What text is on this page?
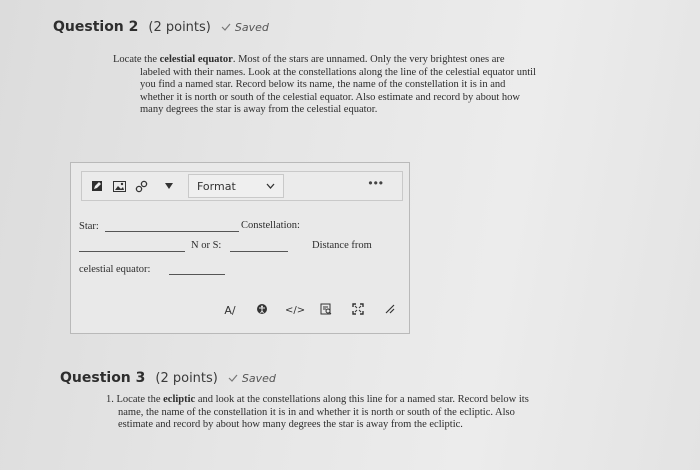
Question 2 (2 points) Saved
Locate the celestial equator. Most of the stars are unnamed. Only the very brightest ones are
labeled with their names. Look at the constellations along the line of the celestial equator until
you find a named star. Record below its name, the name of the constellation it is in and
whether it is north or south of the celestial equator. Also estimate and record by about how
many degrees the star is away from the celestial equator.
Format	•••
Star:	Constellation:
N or S:	Distance from
celestial equator:
A/	</>
Question 3 (2 points) Saved
1. Locate the ecliptic and look at the constellations along this line for a named star. Record below its
name, the name of the constellation it is in and whether it is north or south of the ecliptic. Also
estimate and record by about how many degrees the star is away from the ecliptic.
